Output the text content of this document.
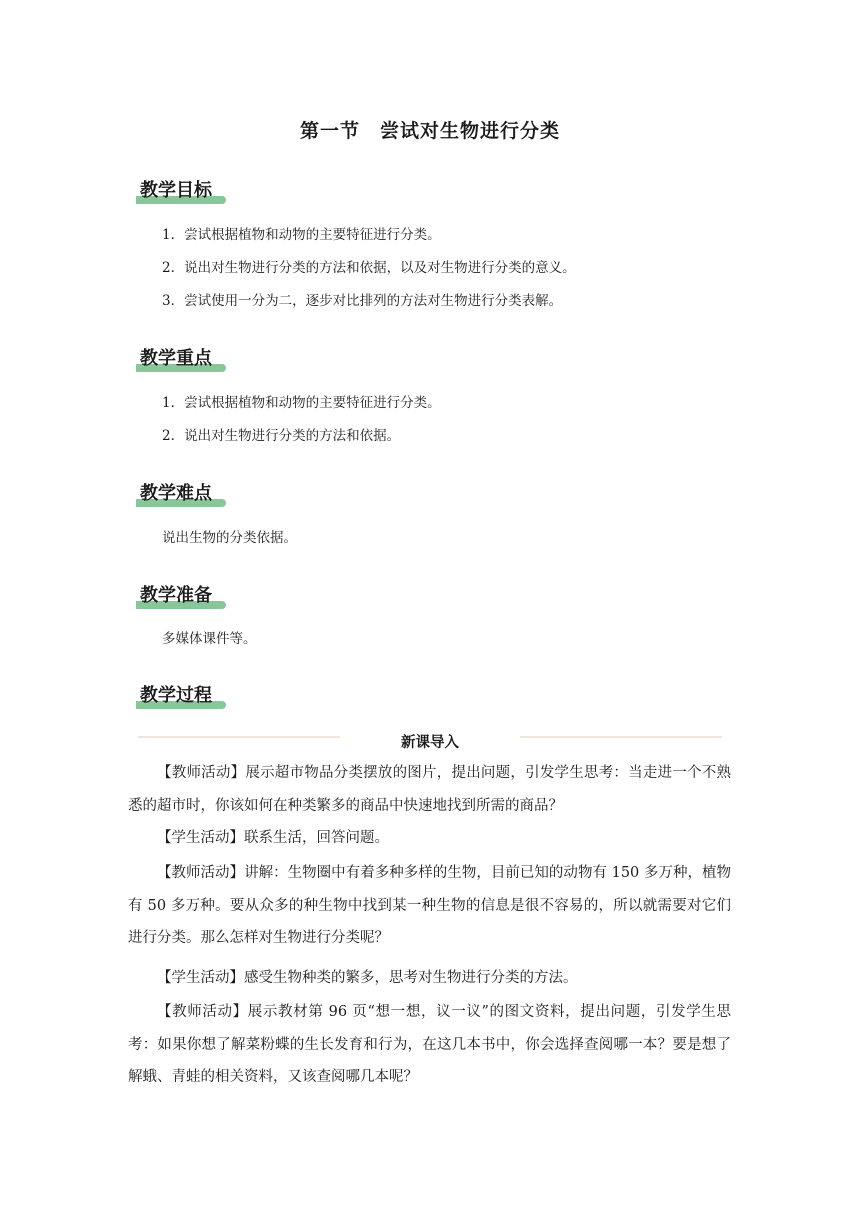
第一节　尝试对生物进行分类
教学目标
1．尝试根据植物和动物的主要特征进行分类。
2．说出对生物进行分类的方法和依据，以及对生物进行分类的意义。
3．尝试使用一分为二，逐步对比排列的方法对生物进行分类表解。
教学重点
1．尝试根据植物和动物的主要特征进行分类。
2．说出对生物进行分类的方法和依据。
教学难点
说出生物的分类依据。
教学准备
多媒体课件等。
教学过程
新课导入
【教师活动】展示超市物品分类摆放的图片，提出问题，引发学生思考：当走进一个不熟悉的超市时，你该如何在种类繁多的商品中快速地找到所需的商品？
【学生活动】联系生活，回答问题。
【教师活动】讲解：生物圈中有着多种多样的生物，目前已知的动物有 150 多万种，植物有 50 多万种。要从众多的种生物中找到某一种生物的信息是很不容易的，所以就需要对它们进行分类。那么怎样对生物进行分类呢？
【学生活动】感受生物种类的繁多，思考对生物进行分类的方法。
【教师活动】展示教材第 96 页“想一想，议一议”的图文资料，提出问题，引发学生思考：如果你想了解菜粉蝶的生长发育和行为，在这几本书中，你会选择查阅哪一本？要是想了解蛾、青蛙的相关资料，又该查阅哪几本呢？
